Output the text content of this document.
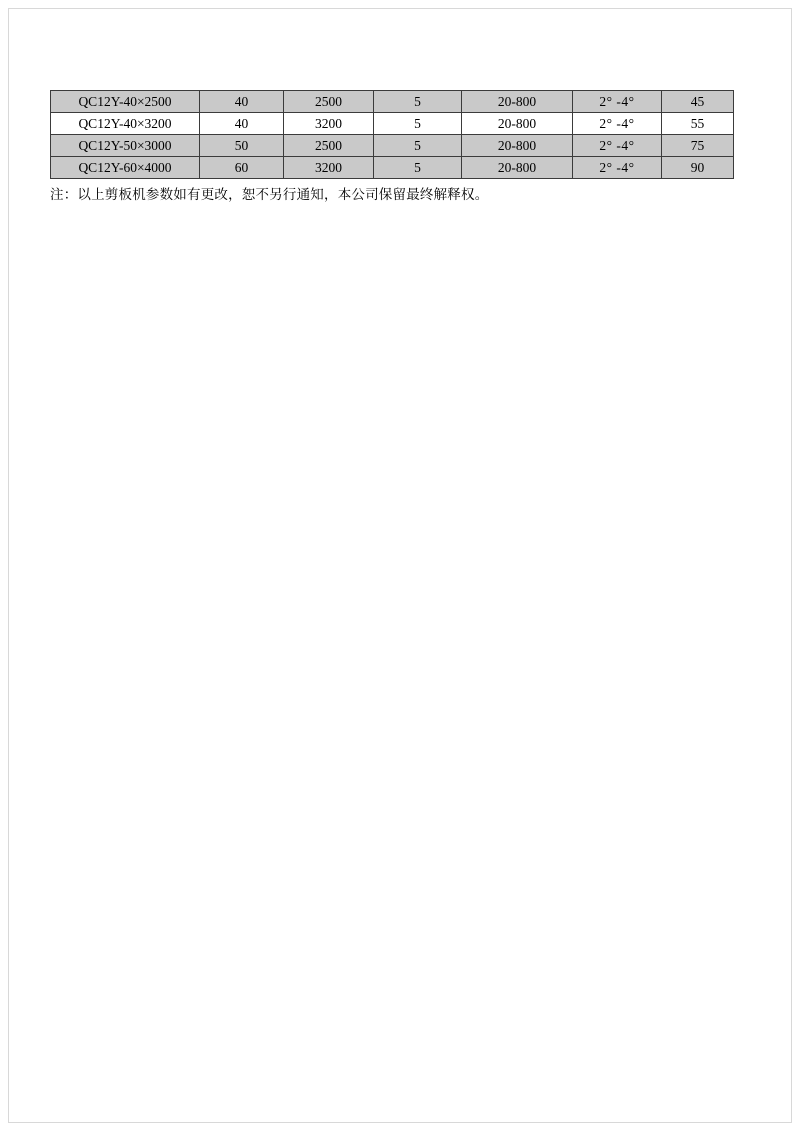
QC12Y-40×2500	40	2500	5	20-800	2° -4°	45
QC12Y-40×3200	40	3200	5	20-800	2° -4°	55
QC12Y-50×3000	50	2500	5	20-800	2° -4°	75
QC12Y-60×4000	60	3200	5	20-800	2° -4°	90
注：以上剪板机参数如有更改，恕不另行通知，本公司保留最终解释权。
